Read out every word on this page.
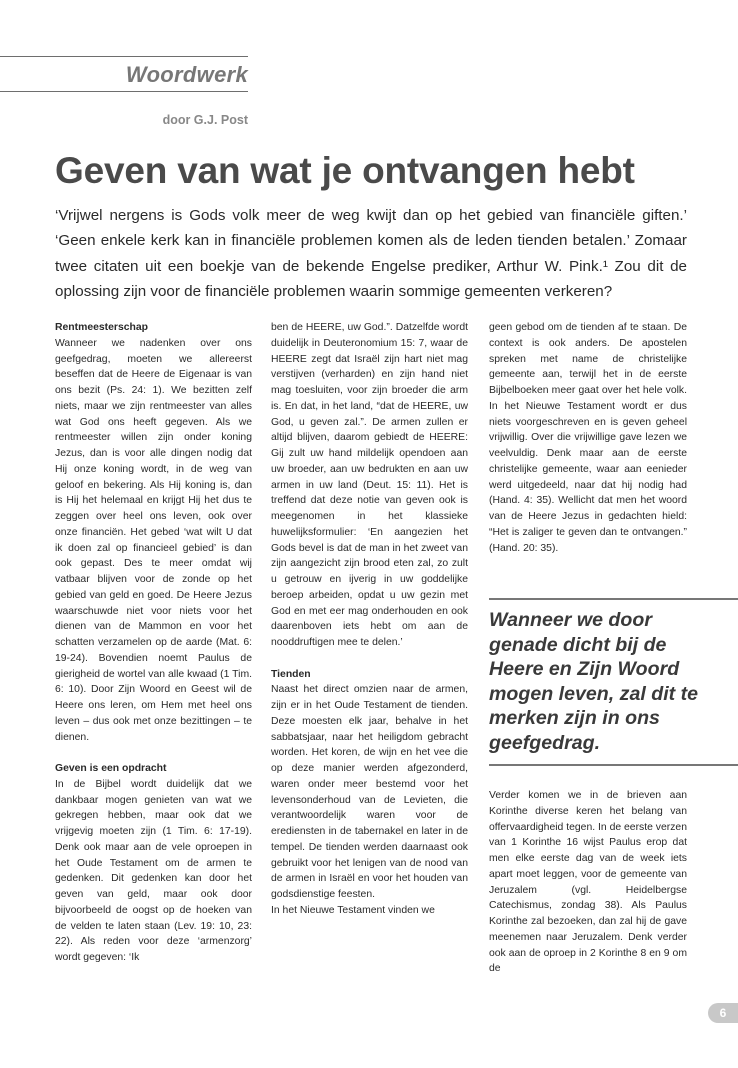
Woordwerk
door G.J. Post
Geven van wat je ontvangen hebt

‘Vrijwel nergens is Gods volk meer de weg kwijt dan op het gebied van financiële giften.’ ‘Geen enkele kerk kan in financiële problemen komen als de leden tienden betalen.’ Zomaar twee citaten uit een boekje van de bekende Engelse prediker, Arthur W. Pink.¹ Zou dit de oplossing zijn voor de financiële problemen waarin sommige gemeenten verkeren?

Rentmeesterschap

Wanneer we nadenken over ons geefgedrag, moeten we allereerst beseffen dat de Heere de Eigenaar is van ons bezit (Ps. 24: 1). We bezitten zelf niets, maar we zijn rentmeester van alles wat God ons heeft gegeven. Als we rentmeester willen zijn onder koning Jezus, dan is voor alle dingen nodig dat Hij onze koning wordt, in de weg van geloof en bekering. Als Hij koning is, dan is Hij het helemaal en krijgt Hij het dus te zeggen over heel ons leven, ook over onze financiën. Het gebed ‘wat wilt U dat ik doen zal op financieel gebied’ is dan ook gepast. Des te meer omdat wij vatbaar blijven voor de zonde op het gebied van geld en goed. De Heere Jezus waarschuwde niet voor niets voor het dienen van de Mammon en voor het schatten verzamelen op de aarde (Mat. 6: 19-24). Bovendien noemt Paulus de gierigheid de wortel van alle kwaad (1 Tim. 6: 10). Door Zijn Woord en Geest wil de Heere ons leren, om Hem met heel ons leven – dus ook met onze bezittingen – te dienen.

Geven is een opdracht

In de Bijbel wordt duidelijk dat we dankbaar mogen genieten van wat we gekregen hebben, maar ook dat we vrijgevig moeten zijn (1 Tim. 6: 17-19). Denk ook maar aan de vele oproepen in het Oude Testament om de armen te gedenken. Dit gedenken kan door het geven van geld, maar ook door bijvoorbeeld de oogst op de hoeken van de velden te laten staan (Lev. 19: 10, 23: 22). Als reden voor deze ‘armenzorg’ wordt gegeven: ‘Ik

ben de HEERE, uw God.”. Datzelfde wordt duidelijk in Deuteronomium 15: 7, waar de HEERE zegt dat Israël zijn hart niet mag verstijven (verharden) en zijn hand niet mag toesluiten, voor zijn broeder die arm is. En dat, in het land, “dat de HEERE, uw God, u geven zal.”. De armen zullen er altijd blijven, daarom gebiedt de HEERE: Gij zult uw hand mildelijk opendoen aan uw broeder, aan uw bedrukten en aan uw armen in uw land (Deut. 15: 11). Het is treffend dat deze notie van geven ook is meegenomen in het klassieke huwelijksformulier: ‘En aangezien het Gods bevel is dat de man in het zweet van zijn aangezicht zijn brood eten zal, zo zult u getrouw en ijverig in uw goddelijke beroep arbeiden, opdat u uw gezin met God en met eer mag onderhouden en ook daarenboven iets hebt om aan de nooddruftigen mee te delen.’

Tienden

Naast het direct omzien naar de armen, zijn er in het Oude Testament de tienden. Deze moesten elk jaar, behalve in het sabbatsjaar, naar het heiligdom gebracht worden. Het koren, de wijn en het vee die op deze manier werden afgezonderd, waren onder meer bestemd voor het levensonderhoud van de Levieten, die verantwoordelijk waren voor de erediensten in de tabernakel en later in de tempel. De tienden werden daarnaast ook gebruikt voor het lenigen van de nood van de armen in Israël en voor het houden van godsdienstige feesten.

In het Nieuwe Testament vinden we

geen gebod om de tienden af te staan. De context is ook anders. De apostelen spreken met name de christelijke gemeente aan, terwijl het in de eerste Bijbelboeken meer gaat over het hele volk. In het Nieuwe Testament wordt er dus niets voorgeschreven en is geven geheel vrijwillig. Over die vrijwillige gave lezen we veelvuldig. Denk maar aan de eerste christelijke gemeente, waar aan eenieder werd uitgedeeld, naar dat hij nodig had (Hand. 4: 35). Wellicht dat men het woord van de Heere Jezus in gedachten hield: “Het is zaliger te geven dan te ontvangen.” (Hand. 20: 35).

Wanneer we door genade dicht bij de Heere en Zijn Woord mogen leven, zal dit te merken zijn in ons geefgedrag.

Verder komen we in de brieven aan Korinthe diverse keren het belang van offervaardigheid tegen. In de eerste verzen van 1 Korinthe 16 wijst Paulus erop dat men elke eerste dag van de week iets apart moet leggen, voor de gemeente van Jeruzalem (vgl. Heidelbergse Catechismus, zondag 38). Als Paulus Korinthe zal bezoeken, dan zal hij de gave meenemen naar Jeruzalem. Denk verder ook aan de oproep in 2 Korinthe 8 en 9 om de

6
